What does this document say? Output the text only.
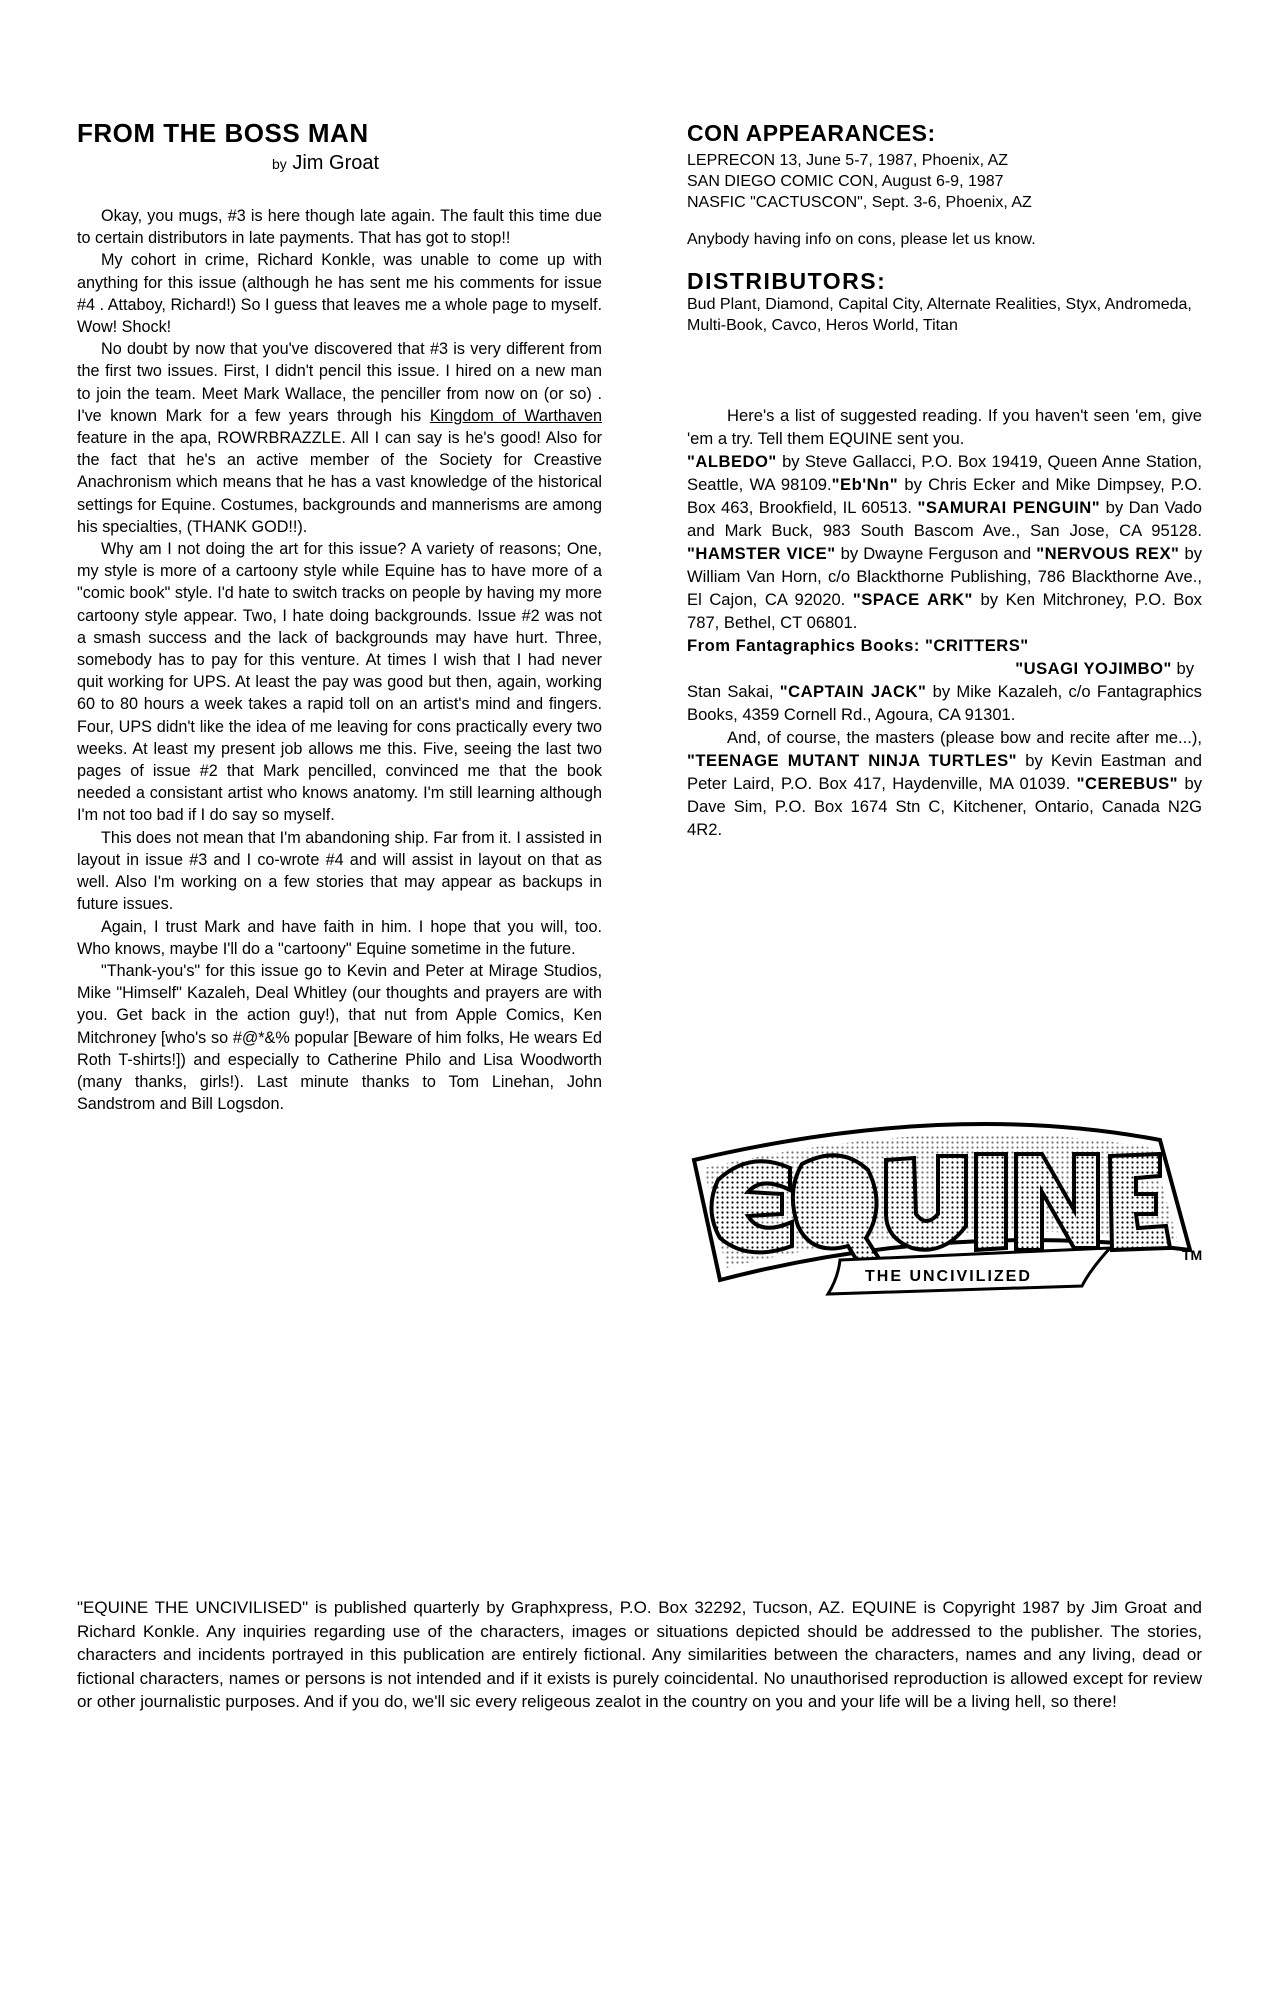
FROM THE BOSS MAN
by Jim Groat

Okay, you mugs, #3 is here though late again. The fault this time due to certain distributors in late payments. That has got to stop!!

My cohort in crime, Richard Konkle, was unable to come up with anything for this issue (although he has sent me his comments for issue #4 . Attaboy, Richard!) So I guess that leaves me a whole page to myself. Wow! Shock!

No doubt by now that you've discovered that #3 is very different from the first two issues. First, I didn't pencil this issue. I hired on a new man to join the team. Meet Mark Wallace, the penciller from now on (or so) . I've known Mark for a few years through his Kingdom of Warthaven feature in the apa, ROWRBRAZZLE. All I can say is he's good! Also for the fact that he's an active member of the Society for Creastive Anachronism which means that he has a vast knowledge of the historical settings for Equine. Costumes, backgrounds and mannerisms are among his specialties, (THANK GOD!!).

Why am I not doing the art for this issue? A variety of reasons; One, my style is more of a cartoony style while Equine has to have more of a "comic book" style. I'd hate to switch tracks on people by having my more cartoony style appear. Two, I hate doing backgrounds. Issue #2 was not a smash success and the lack of backgrounds may have hurt. Three, somebody has to pay for this venture. At times I wish that I had never quit working for UPS. At least the pay was good but then, again, working 60 to 80 hours a week takes a rapid toll on an artist's mind and fingers. Four, UPS didn't like the idea of me leaving for cons practically every two weeks. At least my present job allows me this. Five, seeing the last two pages of issue #2 that Mark pencilled, convinced me that the book needed a consistant artist who knows anatomy. I'm still learning although I'm not too bad if I do say so myself.

This does not mean that I'm abandoning ship. Far from it. I assisted in layout in issue #3 and I co-wrote #4 and will assist in layout on that as well. Also I'm working on a few stories that may appear as backups in future issues.

Again, I trust Mark and have faith in him. I hope that you will, too. Who knows, maybe I'll do a "cartoony" Equine sometime in the future.

"Thank-you's" for this issue go to Kevin and Peter at Mirage Studios, Mike "Himself" Kazaleh, Deal Whitley (our thoughts and prayers are with you. Get back in the action guy!), that nut from Apple Comics, Ken Mitchroney [who's so #@*&% popular [Beware of him folks, He wears Ed Roth T-shirts!]) and especially to Catherine Philo and Lisa Woodworth (many thanks, girls!). Last minute thanks to Tom Linehan, John Sandstrom and Bill Logsdon.

CON APPEARANCES:
LEPRECON 13, June 5-7, 1987, Phoenix, AZ
SAN DIEGO COMIC CON, August 6-9, 1987
NASFIC "CACTUSCON", Sept. 3-6, Phoenix, AZ
Anybody having info on cons, please let us know.
DISTRIBUTORS:
Bud Plant, Diamond, Capital City, Alternate Realities, Styx, Andromeda, Multi-Book, Cavco, Heros World, Titan

Here's a list of suggested reading. If you haven't seen 'em, give 'em a try. Tell them EQUINE sent you.

"ALBEDO" by Steve Gallacci, P.O. Box 19419, Queen Anne Station, Seattle, WA 98109."Eb'Nn" by Chris Ecker and Mike Dimpsey, P.O. Box 463, Brookfield, IL 60513. "SAMURAI PENGUIN" by Dan Vado and Mark Buck, 983 South Bascom Ave., San Jose, CA 95128. "HAMSTER VICE" by Dwayne Ferguson and "NERVOUS REX" by William Van Horn, c/o Blackthorne Publishing, 786 Blackthorne Ave., El Cajon, CA 92020. "SPACE ARK" by Ken Mitchroney, P.O. Box 787, Bethel, CT 06801.

From Fantagraphics Books: "CRITTERS"

"USAGI YOJIMBO" by

Stan Sakai, "CAPTAIN JACK" by Mike Kazaleh, c/o Fantagraphics Books, 4359 Cornell Rd., Agoura, CA 91301.

And, of course, the masters (please bow and recite after me...), "TEENAGE MUTANT NINJA TURTLES" by Kevin Eastman and Peter Laird, P.O. Box 417, Haydenville, MA 01039. "CEREBUS" by Dave Sim, P.O. Box 1674 Stn C, Kitchener, Ontario, Canada N2G 4R2.

THE UNCIVILIZED
TM

"EQUINE THE UNCIVILISED" is published quarterly by Graphxpress, P.O. Box 32292, Tucson, AZ. EQUINE is Copyright 1987 by Jim Groat and Richard Konkle. Any inquiries regarding use of the characters, images or situations depicted should be addressed to the publisher. The stories, characters and incidents portrayed in this publication are entirely fictional. Any similarities between the characters, names and any living, dead or fictional characters, names or persons is not intended and if it exists is purely coincidental. No unauthorised reproduction is allowed except for review or other journalistic purposes. And if you do, we'll sic every religeous zealot in the country on you and your life will be a living hell, so there!
